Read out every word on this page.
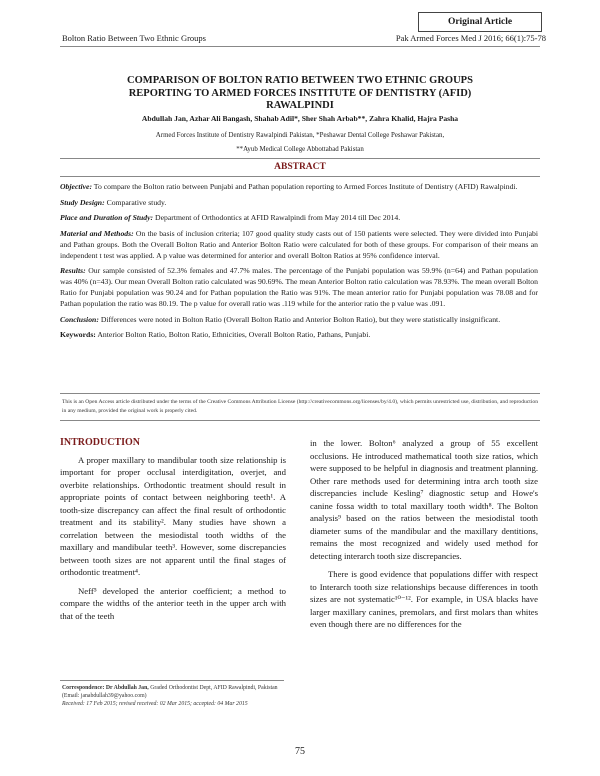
Original Article
Bolton Ratio Between Two Ethnic Groups	Pak Armed Forces Med J 2016; 66(1):75-78
COMPARISON OF BOLTON RATIO BETWEEN TWO ETHNIC GROUPS
REPORTING TO ARMED FORCES INSTITUTE OF DENTISTRY (AFID)
RAWALPINDI
Abdullah Jan, Azhar Ali Bangash, Shahab Adil*, Sher Shah Arbab**, Zahra Khalid, Hajra Pasha
Armed Forces Institute of Dentistry Rawalpindi Pakistan, *Peshawar Dental College Peshawar Pakistan,
**Ayub Medical College Abbottabad Pakistan
ABSTRACT

Objective: To compare the Bolton ratio between Punjabi and Pathan population reporting to Armed Forces Institute of Dentistry (AFID) Rawalpindi.

Study Design: Comparative study.

Place and Duration of Study: Department of Orthodontics at AFID Rawalpindi from May 2014 till Dec 2014.

Material and Methods: On the basis of inclusion criteria; 107 good quality study casts out of 150 patients were selected. They were divided into Punjabi and Pathan groups. Both the Overall Bolton Ratio and Anterior Bolton Ratio were calculated for both of these groups. For comparison of their means an independent t test was applied. A p value was determined for anterior and overall Bolton Ratios at 95% confidence interval.

Results: Our sample consisted of 52.3% females and 47.7% males. The percentage of the Punjabi population was 59.9% (n=64) and Pathan population was 40% (n=43). Our mean Overall Bolton ratio calculated was 90.69%. The mean Anterior Bolton ratio calculation was 78.93%. The mean overall Bolton Ratio for Punjabi population was 90.24 and for Pathan population the Ratio was 91%. The mean anterior ratio for Punjabi population was 78.08 and for Pathan population the ratio was 80.19. The p value for overall ratio was .119 while for the anterior ratio the p value was .091.

Conclusion: Differences were noted in Bolton Ratio (Overall Bolton Ratio and Anterior Bolton Ratio), but they were statistically insignificant.

Keywords: Anterior Bolton Ratio, Bolton Ratio, Ethnicities, Overall Bolton Ratio, Pathans, Punjabi.

This is an Open Access article distributed under the terms of the Creative Commons Attribution License (http://creativecommons.org/licenses/by/4.0), which permits unrestricted use, distribution, and reproduction in any medium, provided the original work is properly cited.
INTRODUCTION

A proper maxillary to mandibular tooth size relationship is important for proper occlusal interdigitation, overjet, and overbite relationships. Orthodontic treatment should result in appropriate points of contact between neighboring teeth¹. A tooth-size discrepancy can affect the final result of orthodontic treatment and its stability². Many studies have shown a correlation between the mesiodistal tooth widths of the maxillary and mandibular teeth³. However, some discrepancies between tooth sizes are not apparent until the final stages of orthodontic treatment⁴.

Neff⁵ developed the anterior coefficient; a method to compare the widths of the anterior teeth in the upper arch with that of the teeth

in the lower. Bolton⁶ analyzed a group of 55 excellent occlusions. He introduced mathematical tooth size ratios, which were supposed to be helpful in diagnosis and treatment planning. Other rare methods used for determining intra arch tooth size discrepancies include Kesling⁷ diagnostic setup and Howe's canine fossa width to total maxillary tooth width⁸. The Bolton analysis⁹ based on the ratios between the mesiodistal tooth diameter sums of the mandibular and the maxillary dentitions, remains the most recognized and widely used method for detecting interarch tooth size discrepancies.

There is good evidence that populations differ with respect to Interarch tooth size relationships because differences in tooth sizes are not systematic¹⁰⁻¹². For example, in USA blacks have larger maxillary canines, premolars, and first molars than whites even though there are no differences for the

Correspondence: Dr Abdullah Jan, Graded Orthodontist Dept, AFID Rawalpindi, Pakistan (Email: janabdullah39@yahoo.com)
Received: 17 Feb 2015; revised received: 02 Mar 2015; accepted: 04 Mar 2015
75
